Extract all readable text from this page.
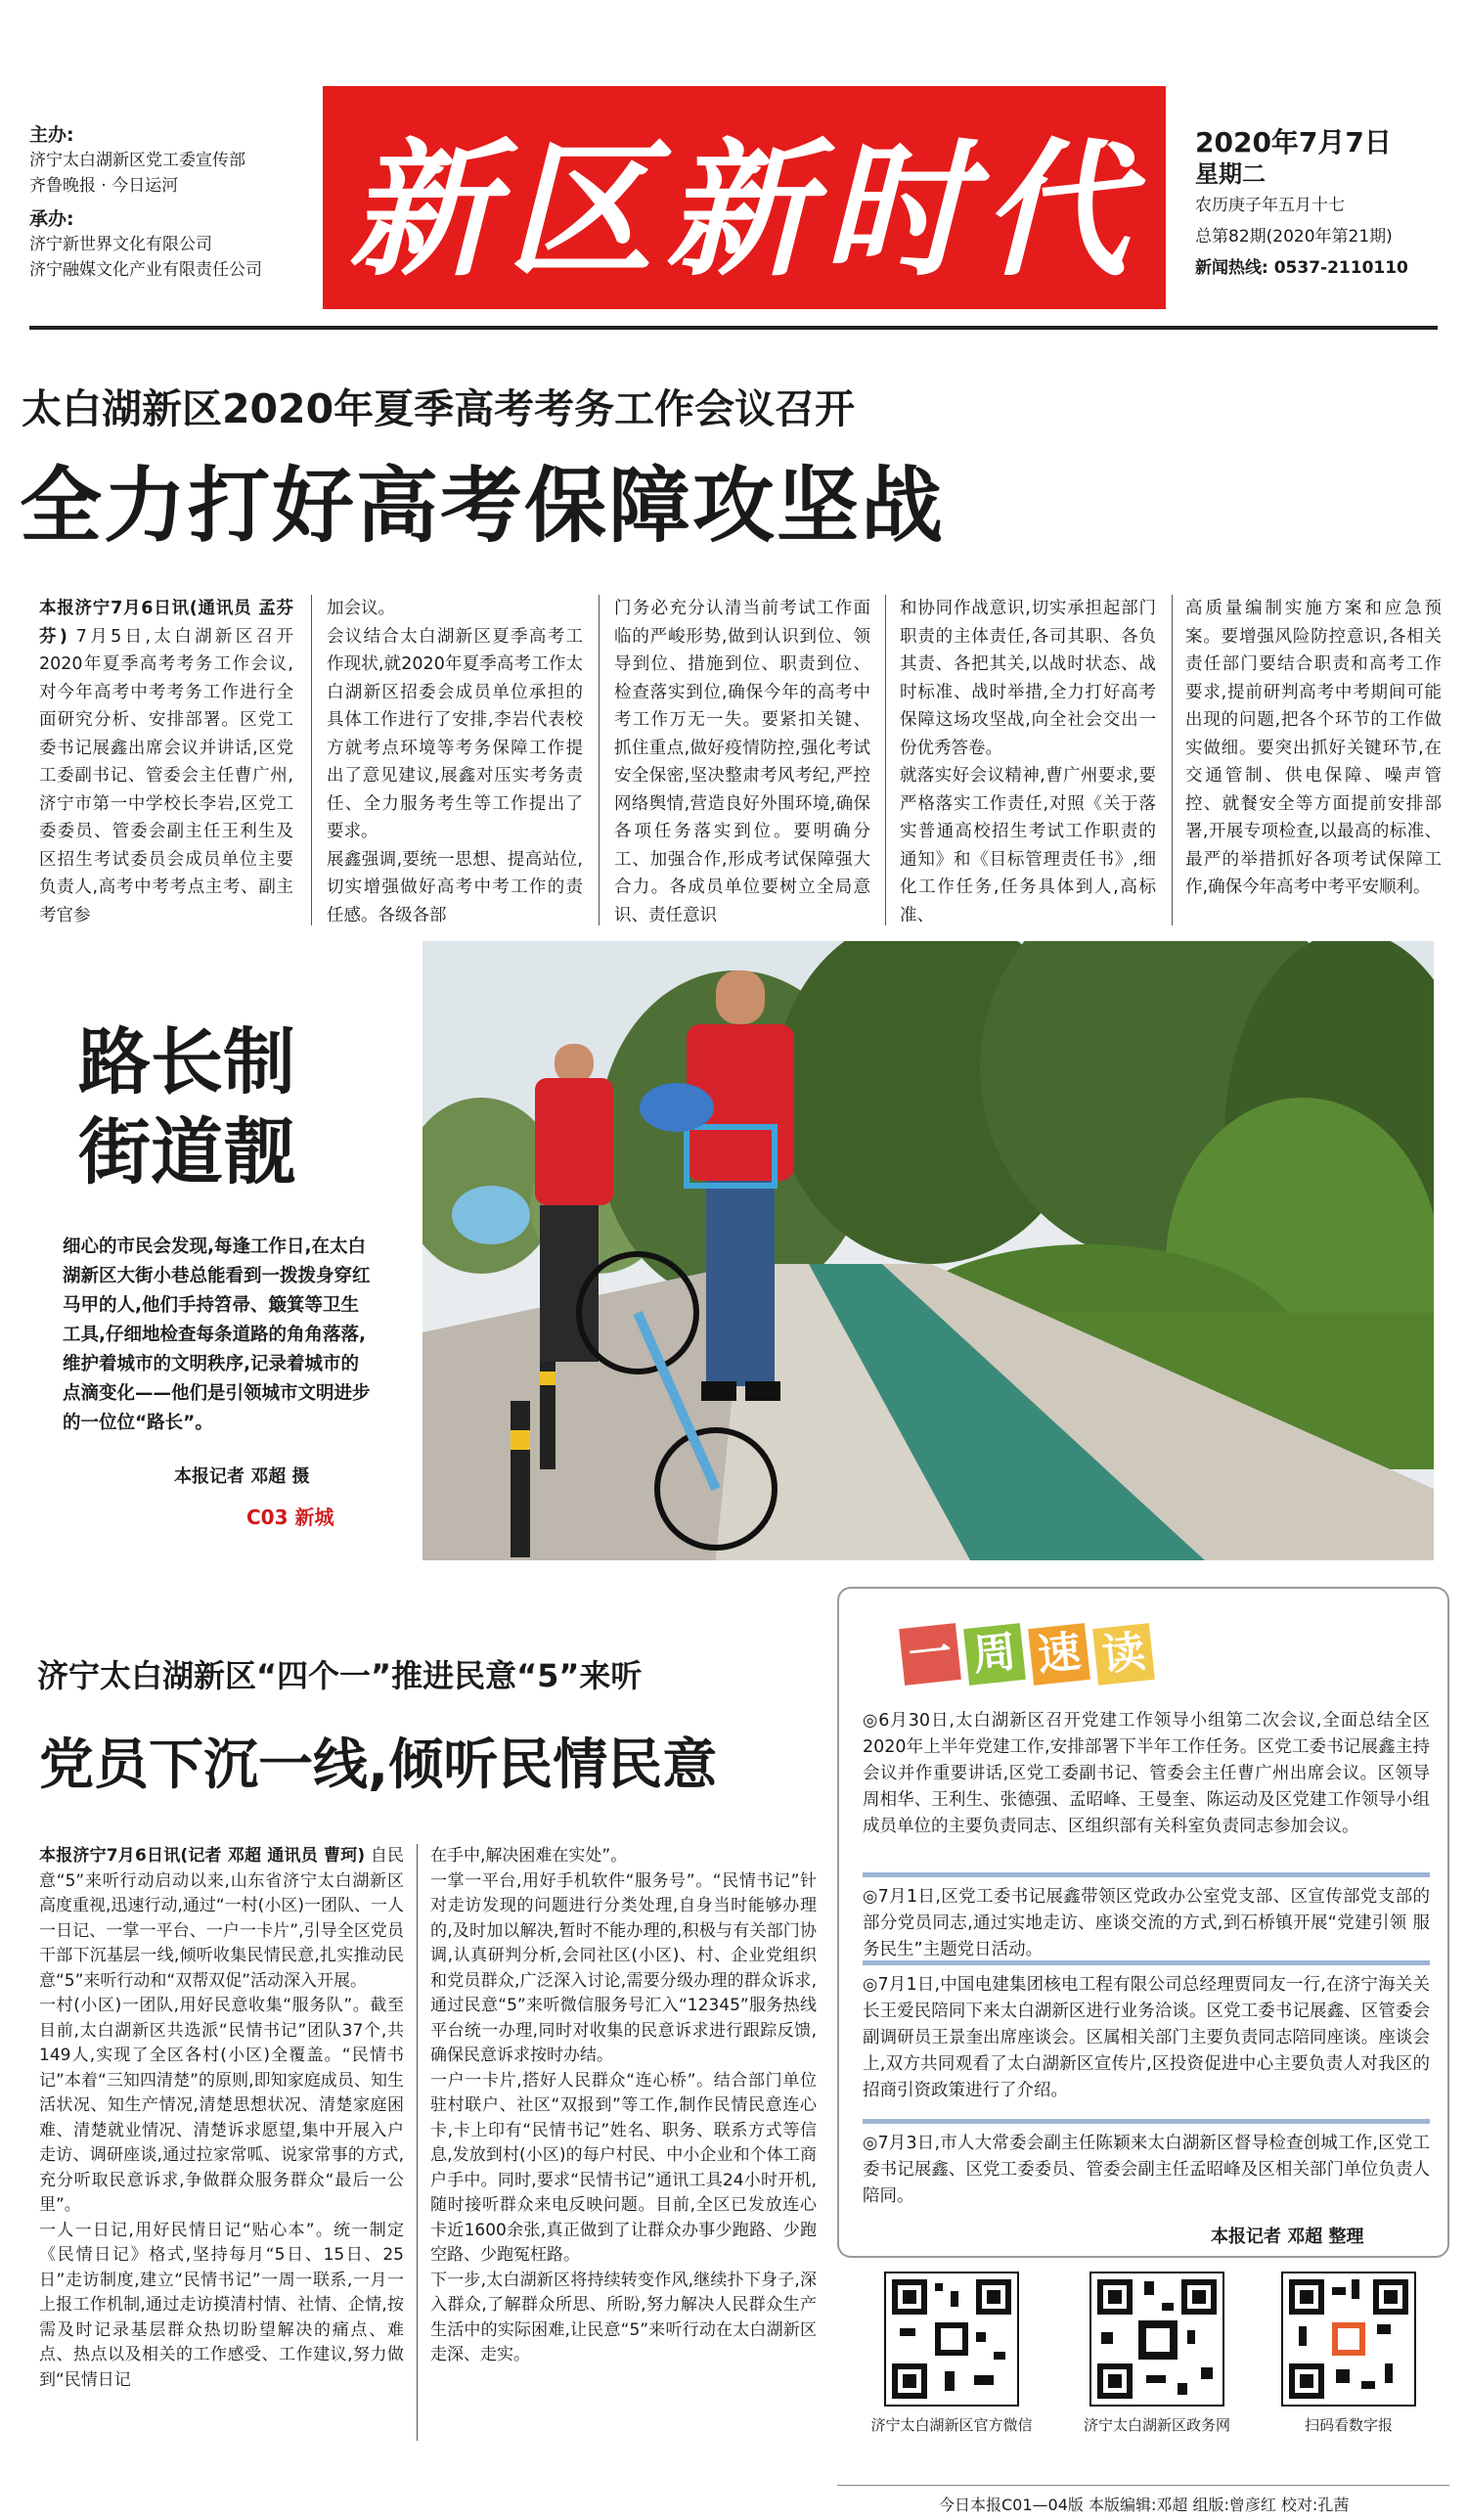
主办:
济宁太白湖新区党工委宣传部
齐鲁晚报 · 今日运河
承办:
济宁新世界文化有限公司
济宁融媒文化产业有限责任公司 新区新时代	2020年7月7日
星期二
农历庚子年五月十七
总第82期(2020年第21期)
新闻热线: 0537-2110110
太白湖新区2020年夏季高考考务工作会议召开
全力打好高考保障攻坚战
本报济宁7月6日讯(通讯员 孟芬芬) 7月5日,太白湖新区召开2020年夏季高考考务工作会议,对今年高考中考考务工作进行全面研究分析、安排部署。区党工委书记展鑫出席会议并讲话,区党工委副书记、管委会主任曹广州,济宁市第一中学校长李岩,区党工委委员、管委会副主任王利生及区招生考试委员会成员单位主要负责人,高考中考考点主考、副主考官参
加会议。
会议结合太白湖新区夏季高考工作现状,就2020年夏季高考工作太白湖新区招委会成员单位承担的具体工作进行了安排,李岩代表校方就考点环境等考务保障工作提出了意见建议,展鑫对压实考务责任、全力服务考生等工作提出了要求。
展鑫强调,要统一思想、提高站位,切实增强做好高考中考工作的责任感。各级各部
门务必充分认清当前考试工作面临的严峻形势,做到认识到位、领导到位、措施到位、职责到位、检查落实到位,确保今年的高考中考工作万无一失。要紧扣关键、抓住重点,做好疫情防控,强化考试安全保密,坚决整肃考风考纪,严控网络舆情,营造良好外围环境,确保各项任务落实到位。要明确分工、加强合作,形成考试保障强大合力。各成员单位要树立全局意识、责任意识
和协同作战意识,切实承担起部门职责的主体责任,各司其职、各负其责、各把其关,以战时状态、战时标准、战时举措,全力打好高考保障这场攻坚战,向全社会交出一份优秀答卷。
就落实好会议精神,曹广州要求,要严格落实工作责任,对照《关于落实普通高校招生考试工作职责的通知》和《目标管理责任书》,细化工作任务,任务具体到人,高标准、
高质量编制实施方案和应急预案。要增强风险防控意识,各相关责任部门要结合职责和高考工作要求,提前研判高考中考期间可能出现的问题,把各个环节的工作做实做细。要突出抓好关键环节,在交通管制、供电保障、噪声管控、就餐安全等方面提前安排部署,开展专项检查,以最高的标准、最严的举措抓好各项考试保障工作,确保今年高考中考平安顺利。
路长制
街道靓
细心的市民会发现,每逢工作日,在太白湖新区大街小巷总能看到一拨拨身穿红马甲的人,他们手持笤帚、簸箕等卫生工具,仔细地检查每条道路的角角落落,维护着城市的文明秩序,记录着城市的点滴变化——他们是引领城市文明进步的一位位“路长”。
本报记者 邓超 摄
C03 新城
济宁太白湖新区“四个一”推进民意“5”来听
党员下沉一线,倾听民情民意
本报济宁7月6日讯(记者 邓超 通讯员 曹珂) 自民意“5”来听行动启动以来,山东省济宁太白湖新区高度重视,迅速行动,通过“一村(小区)一团队、一人一日记、一掌一平台、一户一卡片”,引导全区党员干部下沉基层一线,倾听收集民情民意,扎实推动民意“5”来听行动和“双帮双促”活动深入开展。
一村(小区)一团队,用好民意收集“服务队”。截至目前,太白湖新区共选派“民情书记”团队37个,共149人,实现了全区各村(小区)全覆盖。“民情书记”本着“三知四清楚”的原则,即知家庭成员、知生活状况、知生产情况,清楚思想状况、清楚家庭困难、清楚就业情况、清楚诉求愿望,集中开展入户走访、调研座谈,通过拉家常呱、说家常事的方式,充分听取民意诉求,争做群众服务群众“最后一公里”。
一人一日记,用好民情日记“贴心本”。统一制定《民情日记》格式,坚持每月“5日、15日、25日”走访制度,建立“民情书记”一周一联系,一月一上报工作机制,通过走访摸清村情、社情、企情,按需及时记录基层群众热切盼望解决的痛点、难点、热点以及相关的工作感受、工作建议,努力做到“民情日记
在手中,解决困难在实处”。
一掌一平台,用好手机软件“服务号”。“民情书记”针对走访发现的问题进行分类处理,自身当时能够办理的,及时加以解决,暂时不能办理的,积极与有关部门协调,认真研判分析,会同社区(小区)、村、企业党组织和党员群众,广泛深入讨论,需要分级办理的群众诉求,通过民意“5”来听微信服务号汇入“12345”服务热线平台统一办理,同时对收集的民意诉求进行跟踪反馈,确保民意诉求按时办结。
一户一卡片,搭好人民群众“连心桥”。结合部门单位驻村联户、社区“双报到”等工作,制作民情民意连心卡,卡上印有“民情书记”姓名、职务、联系方式等信息,发放到村(小区)的每户村民、中小企业和个体工商户手中。同时,要求“民情书记”通讯工具24小时开机,随时接听群众来电反映问题。目前,全区已发放连心卡近1600余张,真正做到了让群众办事少跑路、少跑空路、少跑冤枉路。
下一步,太白湖新区将持续转变作风,继续扑下身子,深入群众,了解群众所思、所盼,努力解决人民群众生产生活中的实际困难,让民意“5”来听行动在太白湖新区走深、走实。
一 周 速 读
◎6月30日,太白湖新区召开党建工作领导小组第二次会议,全面总结全区2020年上半年党建工作,安排部署下半年工作任务。区党工委书记展鑫主持会议并作重要讲话,区党工委副书记、管委会主任曹广州出席会议。区领导周相华、王利生、张德强、孟昭峰、王曼奎、陈运动及区党建工作领导小组成员单位的主要负责同志、区组织部有关科室负责同志参加会议。
◎7月1日,区党工委书记展鑫带领区党政办公室党支部、区宣传部党支部的部分党员同志,通过实地走访、座谈交流的方式,到石桥镇开展“党建引领 服务民生”主题党日活动。
◎7月1日,中国电建集团核电工程有限公司总经理贾同友一行,在济宁海关关长王爱民陪同下来太白湖新区进行业务洽谈。区党工委书记展鑫、区管委会副调研员王景奎出席座谈会。区属相关部门主要负责同志陪同座谈。座谈会上,双方共同观看了太白湖新区宣传片,区投资促进中心主要负责人对我区的招商引资政策进行了介绍。
◎7月3日,市人大常委会副主任陈颖来太白湖新区督导检查创城工作,区党工委书记展鑫、区党工委委员、管委会副主任孟昭峰及区相关部门单位负责人陪同。
本报记者 邓超 整理
济宁太白湖新区官方微信	济宁太白湖新区政务网	扫码看数字报
今日本报C01—04版 本版编辑:邓超 组版:曾彦红 校对:孔茜
